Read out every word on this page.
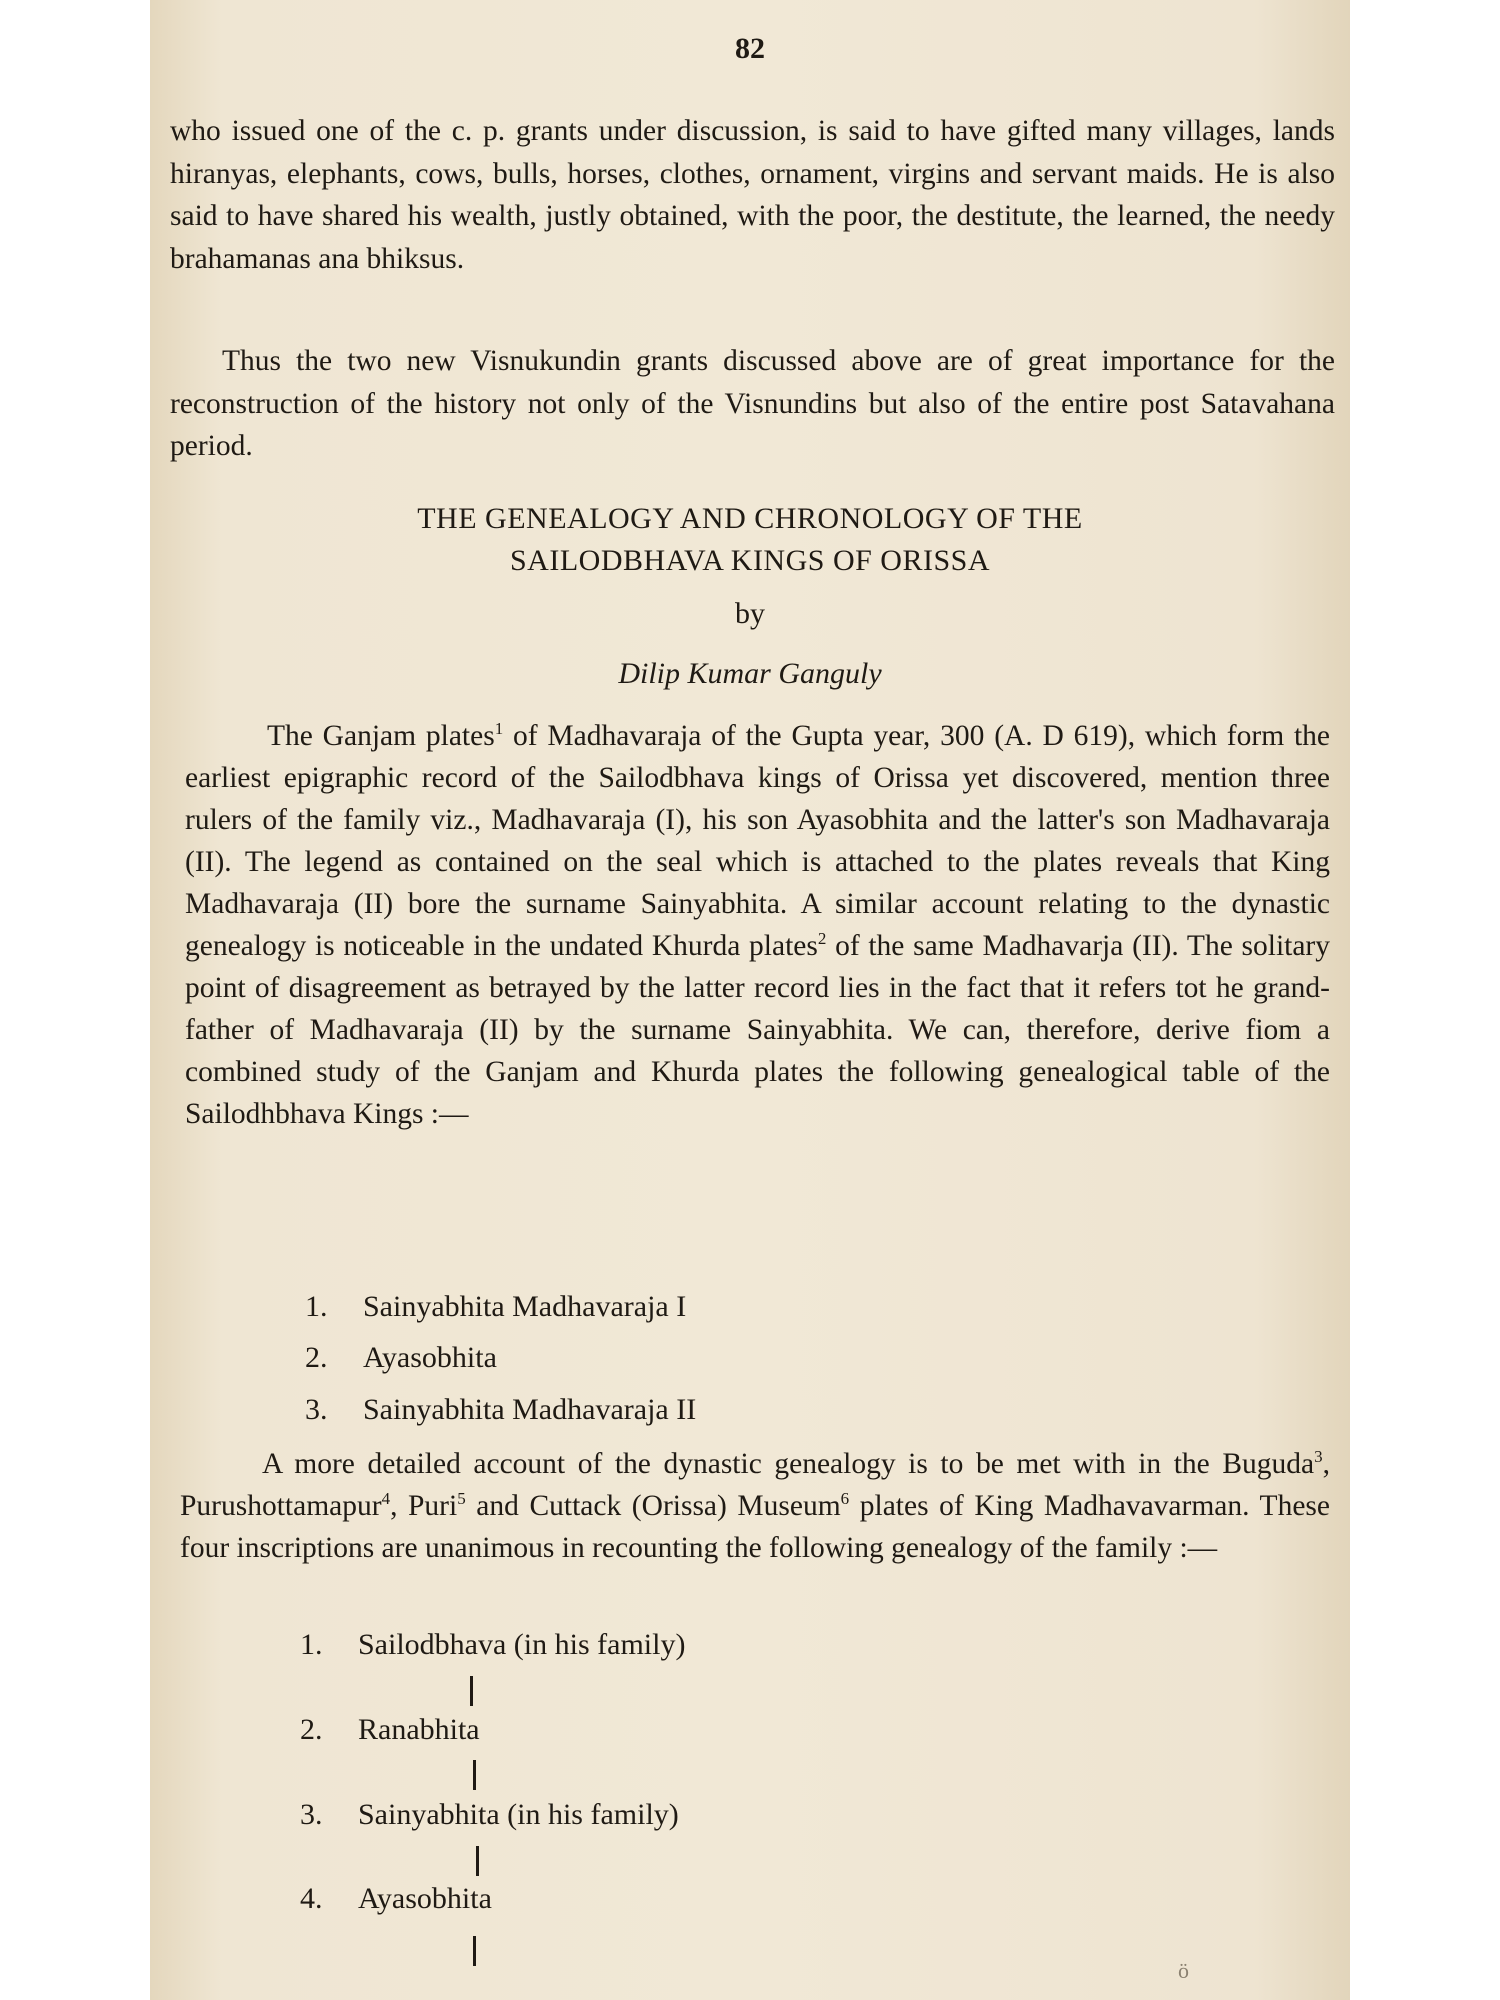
82

who issued one of the c. p. grants under discussion, is said to have gifted many villages, lands hiranyas, elephants, cows, bulls, horses, clothes, ornament, virgins and servant maids. He is also said to have shared his wealth, justly obtained, with the poor, the destitute, the learned, the needy brahamanas ana bhiksus.

Thus the two new Visnukundin grants discussed above are of great importance for the reconstruction of the history not only of the Visnundins but also of the entire post Satavahana period.

THE GENEALOGY AND CHRONOLOGY OF THE
SAILODBHAVA KINGS OF ORISSA
by
Dilip Kumar Ganguly

The Ganjam plates$^1$ of Madhavaraja of the Gupta year, 300 (A. D 619), which form the earliest epigraphic record of the Sailodbhava kings of Orissa yet discovered, mention three rulers of the family viz., Madhavaraja (I), his son Ayasobhita and the latter's son Madhavaraja (II). The legend as contained on the seal which is attached to the plates reveals that King Madhavaraja (II) bore the surname Sainyabhita. A similar account relating to the dynastic genealogy is noticeable in the undated Khurda plates$^2$ of the same Madhavarja (II). The solitary point of disagreement as betrayed by the latter record lies in the fact that it refers tot he grand-father of Madhavaraja (II) by the surname Sainyabhita. We can, therefore, derive fiom a combined study of the Ganjam and Khurda plates the following genealogical table of the Sailodhbhava Kings :—

1. Sainyabhita Madhavaraja I
2. Ayasobhita
3. Sainyabhita Madhavaraja II

A more detailed account of the dynastic genealogy is to be met with in the Buguda$^3$, Purushottamapur$^4$, Puri$^5$ and Cuttack (Orissa) Museum$^6$ plates of King Madhavavarman. These four inscriptions are unanimous in recounting the following genealogy of the family :—

1. Sailodbhava (in his family)
2. Ranabhita
3. Sainyabhita (in his family)
4. Ayasobhita
ö
